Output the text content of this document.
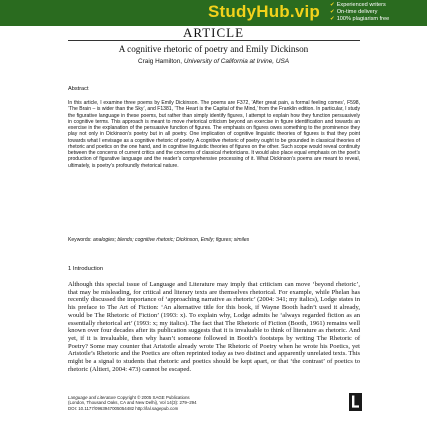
StudyHub.vip ✔ Experienced writers
✔ On-time delivery
✔ 100% plagiarism free
ARTICLE
A cognitive rhetoric of poetry and Emily Dickinson
Craig Hamilton, University of California at Irvine, USA
Abstract
In this article, I examine three poems by Emily Dickinson. The poems are F372, ‘After great pain, a formal feeling comes’, F598, ‘The Brain – is wider than the Sky’, and F1381, ‘The Heart is the Capital of the Mind,’ from the Franklin edition. In particular, I study the figurative language in these poems, but rather than simply identify figures, I attempt to explain how they function persuasively in cognitive terms. This approach is meant to move rhetorical criticism beyond an exercise in figure identification and towards an exercise in the explanation of the persuasive function of figures. The emphasis on figures owes something to the prominence they play not only in Dickinson’s poetry but in all poetry. One implication of cognitive linguistic theories of figures is that they point towards what I envisage as a cognitive rhetoric of poetry. A cognitive rhetoric of poetry ought to be grounded in classical theories of rhetoric and poetics on the one hand, and in cognitive linguistic theories of figures on the other. Such scope would reveal continuity between the concerns of current critics and the concerns of classical rhetoricians. It would also place equal emphasis on the poet’s production of figurative language and the reader’s comprehensive processing of it. What Dickinson’s poems are meant to reveal, ultimately, is poetry’s profoundly rhetorical nature.
Keywords: analogies; blends; cognitive rhetoric; Dickinson, Emily; figures; similes
1 Introduction
Although this special issue of Language and Literature may imply that criticism can move ‘beyond rhetoric’, that may be misleading, for critical and literary texts are themselves rhetorical. For example, while Phelan has recently discussed the importance of ‘approaching narrative as rhetoric’ (2004: 341; my italics), Lodge states in his preface to The Art of Fiction: ‘An alternative title for this book, if Wayne Booth hadn’t used it already, would be The Rhetoric of Fiction’ (1993: x). To explain why, Lodge admits he ‘always regarded fiction as an essentially rhetorical art’ (1993: x; my italics). The fact that The Rhetoric of Fiction (Booth, 1961) remains well known over four decades after its publication suggests that it is invaluable to think of literature as rhetoric. And yet, if it is invaluable, then why hasn’t someone followed in Booth’s footsteps by writing The Rhetoric of Poetry? Some may counter that Aristotle already wrote The Rhetoric of Poetry when he wrote his Poetics, yet Aristotle’s Rhetoric and the Poetics are often reprinted today as two distinct and apparently unrelated texts. This might be a signal to students that rhetoric and poetics should be kept apart, or that ‘the contrast’ of poetics to rhetoric (Altieri, 2004: 473) cannot be escaped.
Language and Literature Copyright © 2005 SAGE Publications
(London, Thousand Oaks, CA and New Delhi), Vol 14(3): 279–294
DOI: 10.1177/0963947005054482 http://lal.sagepub.com
